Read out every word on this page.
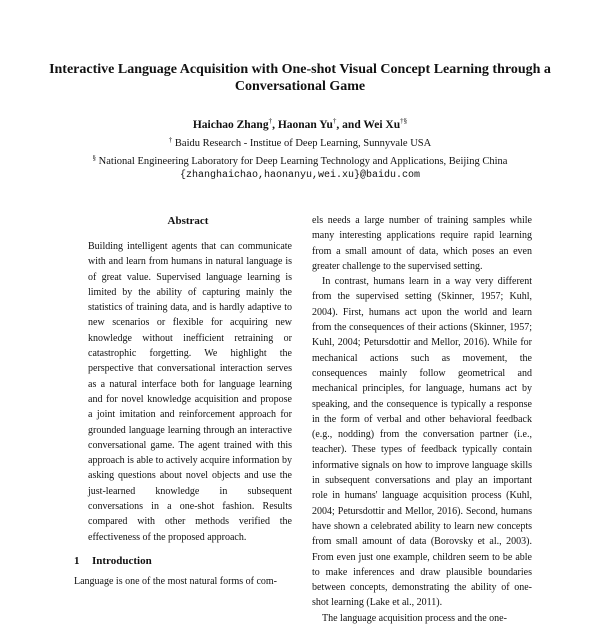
Interactive Language Acquisition with One-shot Visual Concept Learning through a Conversational Game
Haichao Zhang†, Haonan Yu†, and Wei Xu†§
† Baidu Research - Institue of Deep Learning, Sunnyvale USA
§ National Engineering Laboratory for Deep Learning Technology and Applications, Beijing China
{zhanghaichao,haonanyu,wei.xu}@baidu.com
Abstract

Building intelligent agents that can communicate with and learn from humans in natural language is of great value. Supervised language learning is limited by the ability of capturing mainly the statistics of training data, and is hardly adaptive to new scenarios or flexible for acquiring new knowledge without inefficient retraining or catastrophic forgetting. We highlight the perspective that conversational interaction serves as a natural interface both for language learning and for novel knowledge acquisition and propose a joint imitation and reinforcement approach for grounded language learning through an interactive conversational game. The agent trained with this approach is able to actively acquire information by asking questions about novel objects and use the just-learned knowledge in subsequent conversations in a one-shot fashion. Results compared with other methods verified the effectiveness of the proposed approach.

1 Introduction

Language is one of the most natural forms of com-

els needs a large number of training samples while many interesting applications require rapid learning from a small amount of data, which poses an even greater challenge to the supervised setting.

In contrast, humans learn in a way very different from the supervised setting (Skinner, 1957; Kuhl, 2004). First, humans act upon the world and learn from the consequences of their actions (Skinner, 1957; Kuhl, 2004; Petursdottir and Mellor, 2016). While for mechanical actions such as movement, the consequences mainly follow geometrical and mechanical principles, for language, humans act by speaking, and the consequence is typically a response in the form of verbal and other behavioral feedback (e.g., nodding) from the conversation partner (i.e., teacher). These types of feedback typically contain informative signals on how to improve language skills in subsequent conversations and play an important role in humans' language acquisition process (Kuhl, 2004; Petursdottir and Mellor, 2016). Second, humans have shown a celebrated ability to learn new concepts from small amount of data (Borovsky et al., 2003). From even just one example, children seem to be able to make inferences and draw plausible boundaries between concepts, demonstrating the ability of one-shot learning (Lake et al., 2011).

The language acquisition process and the one-
